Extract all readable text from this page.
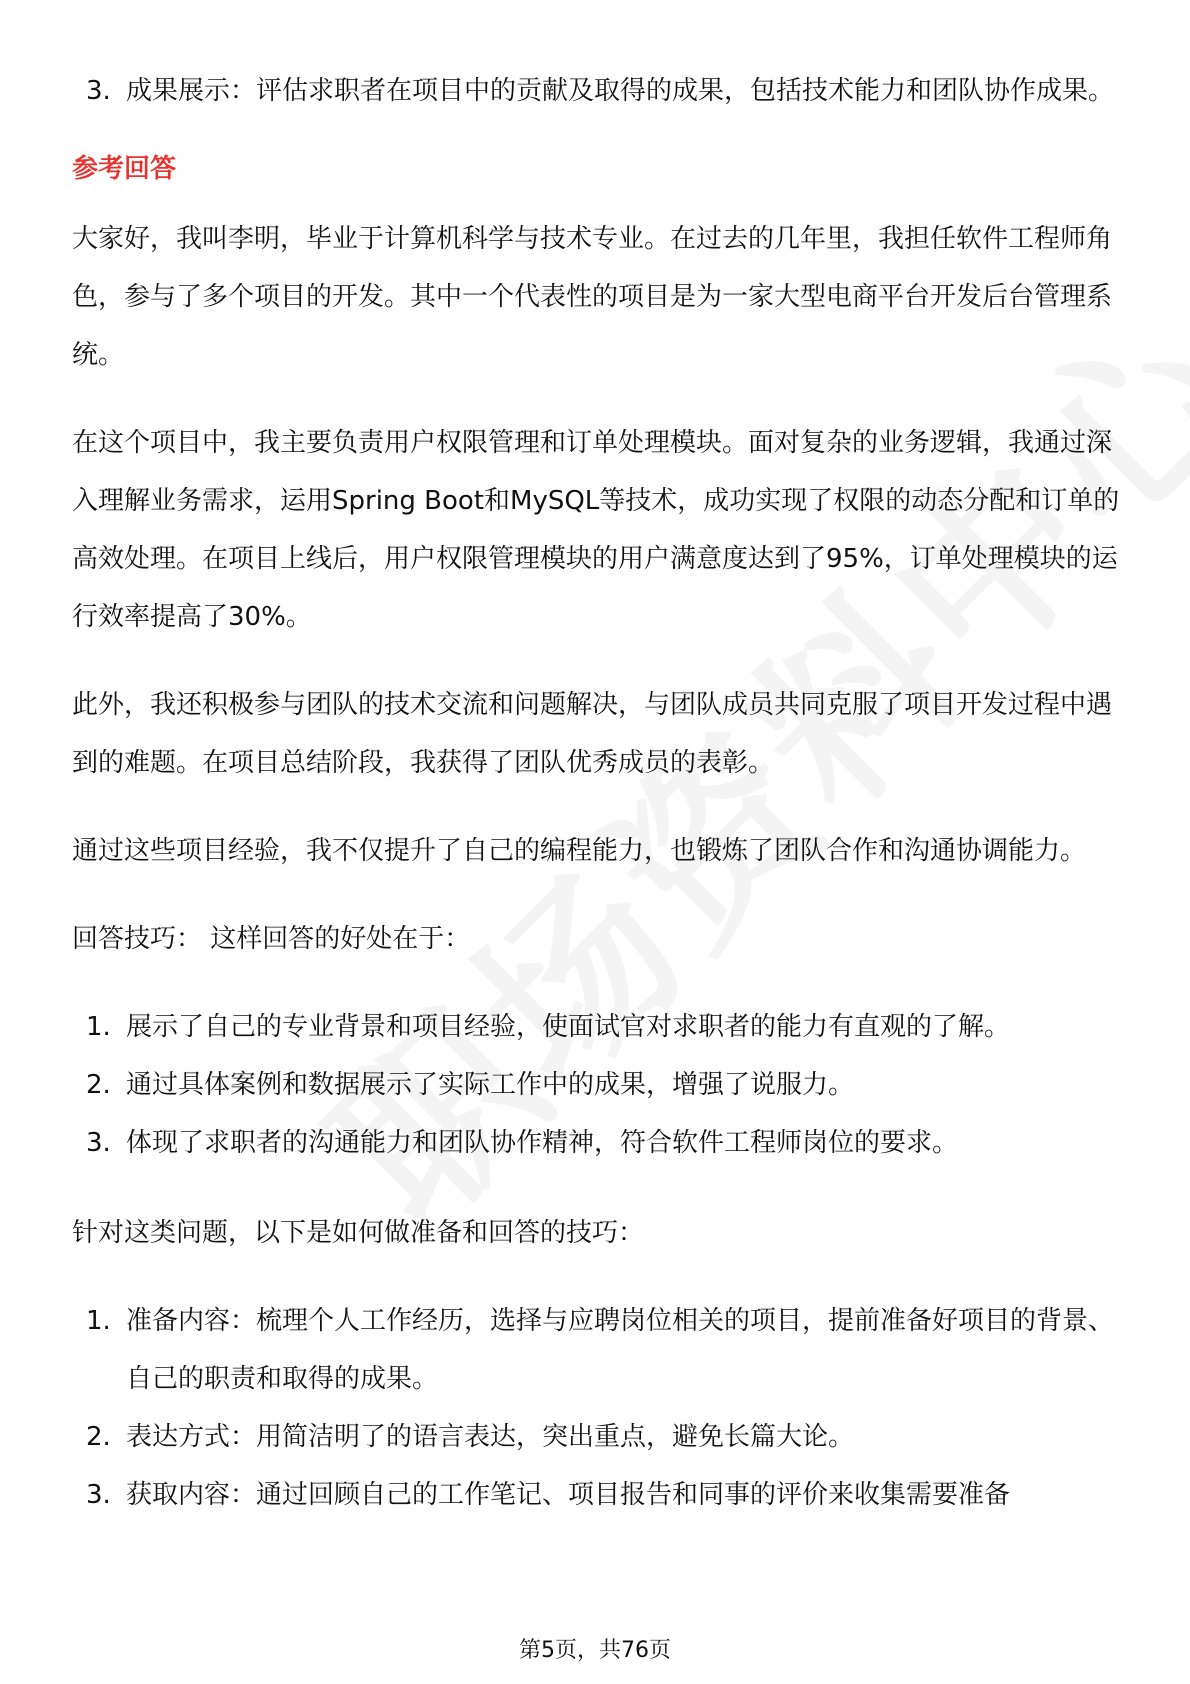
3. 成果展示：评估求职者在项目中的贡献及取得的成果，包括技术能力和团队协作成果。
参考回答

大家好，我叫李明，毕业于计算机科学与技术专业。在过去的几年里，我担任软件工程师角色，参与了多个项目的开发。其中一个代表性的项目是为一家大型电商平台开发后台管理系统。

在这个项目中，我主要负责用户权限管理和订单处理模块。面对复杂的业务逻辑，我通过深入理解业务需求，运用Spring Boot和MySQL等技术，成功实现了权限的动态分配和订单的高效处理。在项目上线后，用户权限管理模块的用户满意度达到了95%，订单处理模块的运行效率提高了30%。

此外，我还积极参与团队的技术交流和问题解决，与团队成员共同克服了项目开发过程中遇到的难题。在项目总结阶段，我获得了团队优秀成员的表彰。

通过这些项目经验，我不仅提升了自己的编程能力，也锻炼了团队合作和沟通协调能力。

回答技巧： 这样回答的好处在于：

1. 展示了自己的专业背景和项目经验，使面试官对求职者的能力有直观的了解。
2. 通过具体案例和数据展示了实际工作中的成果，增强了说服力。
3. 体现了求职者的沟通能力和团队协作精神，符合软件工程师岗位的要求。

针对这类问题，以下是如何做准备和回答的技巧：

1. 准备内容：梳理个人工作经历，选择与应聘岗位相关的项目，提前准备好项目的背景、自己的职责和取得的成果。
2. 表达方式：用简洁明了的语言表达，突出重点，避免长篇大论。
3. 获取内容：通过回顾自己的工作笔记、项目报告和同事的评价来收集需要准备
第5页，共76页
